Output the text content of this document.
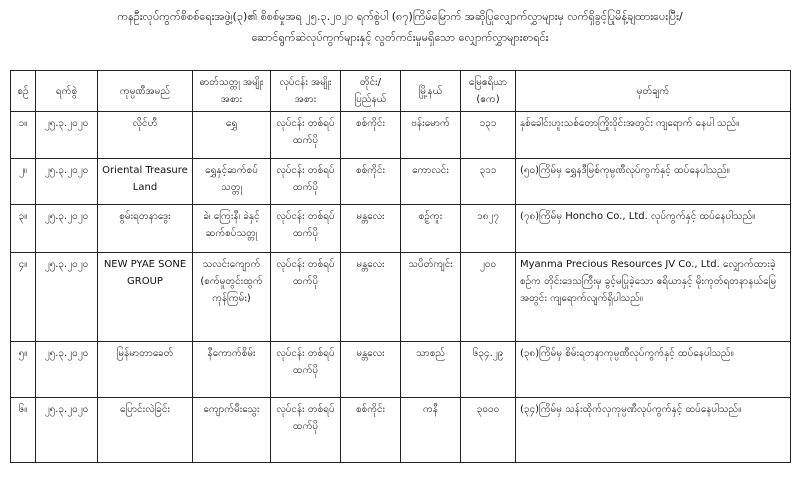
ကနဦးလုပ်ကွက်စိစစ်ရေးအဖွဲ့၊(၃)၏ စိစစ်မှုအရ ၂၅.၃.၂၀၂၀ ရက်စွဲပါ (၈၇)ကြိမ်မြောက် အဆိုပြုလျှောက်လွှာများမှ လက်ရှိခွင့်ပြုမိန့်ချထားပေးပြီး/
ဆောင်ရွက်ဆဲလုပ်ကွက်များနှင့် လွတ်ကင်းမှုမရှိသော လျှောက်လွှာများစာရင်း
စဉ်	ရက်စွဲ	ကုမ္ပဏီအမည်	ဓာတ်သတ္တု အမျိုးအစား	လုပ်ငန်း အမျိုးအစား	တိုင်း/ ပြည်နယ်	မြို့နယ်	မြေဧရိယာ (ဧက)	မှတ်ချက်
၁။	၂၅.၃.၂၀၂၀	လိုင်ဟီ	ရွှေ	လုပ်ငန်း တစ်ရပ်ထက်ပို	စစ်ကိုင်း	ဗန်းမောက်	၁၃၁	နှစ်ခေါင်းဟူးသစ်တောကြိုးဝိုင်းအတွင်း ကျရောက် နေပါ သည်။
၂။	၂၅.၃.၂၀၂၀	Oriental Treasure Land	ရွှေနှင့်ဆက်စပ် သတ္တု	လုပ်ငန်း တစ်ရပ်ထက်ပို	စစ်ကိုင်း	ကောလင်း	၃၁၁	(၅၀)ကြိမ်မှ ရွှေနဒီမြစ်ကုမ္ပဏီလုပ်ကွက်နှင့် ထပ်နေပါသည်။
၃။	၂၅.၃.၂၀၂၀	စွမ်းရတနာဒွေး	ခဲ၊ ကြေးနီ၊ ခဲနှင့် ဆက်စပ်သတ္တု	လုပ်ငန်း တစ်ရပ်ထက်ပို	မန္တလေး	စဉ့်ကူး	၁၈၂၇	(၇၈)ကြိမ်မှ Honcho Co., Ltd. လုပ်ကွက်နှင့် ထပ်နေပါသည်။
၄။	၂၅.၃.၂၀၂၀	NEW PYAE SONE GROUP	သလင်းကျောက် (စက်မှုတွင်းထွက် ကုန်ကြမ်း)	လုပ်ငန်း တစ်ရပ်ထက်ပို	မန္တလေး	သပိတ်ကျင်း	၂၀၀	Myanma Precious Resources JV Co., Ltd. လျှောက်ထားခဲ့စဉ်က တိုင်းဒေသကြီးမှ ခွင့်မပြုခဲ့သော ဧရိယာနှင့် မိုးကုတ်ရတနာနယ်မြေ အတွင်း ကျရောက်လျက်ရှိပါသည်။
၅။	၂၅.၃.၂၀၂၀	မြန်မာတာခေတ်	နီကောက်စိမ်း	လုပ်ငန်း တစ်ရပ်ထက်ပို	မန္တလေး	သာစည်	၆၃၄.၂၉	(၃၈)ကြိမ်မှ စိမ်းရတနာကုမ္ပဏီလုပ်ကွက်နှင့် ထပ်နေပါသည်။
၆။	၂၅.၃.၂၀၂၀	ပြောင်းလဲခြင်း	ကျောက်မီးသွေး	လုပ်ငန်း တစ်ရပ်ထက်ပို	စစ်ကိုင်း	ကနီ	၃၀၀၀	(၃၄)ကြိမ်မှ သန်းထိုက်လှကုမ္ပဏီလုပ်ကွက်နှင့် ထပ်နေပါသည်။
